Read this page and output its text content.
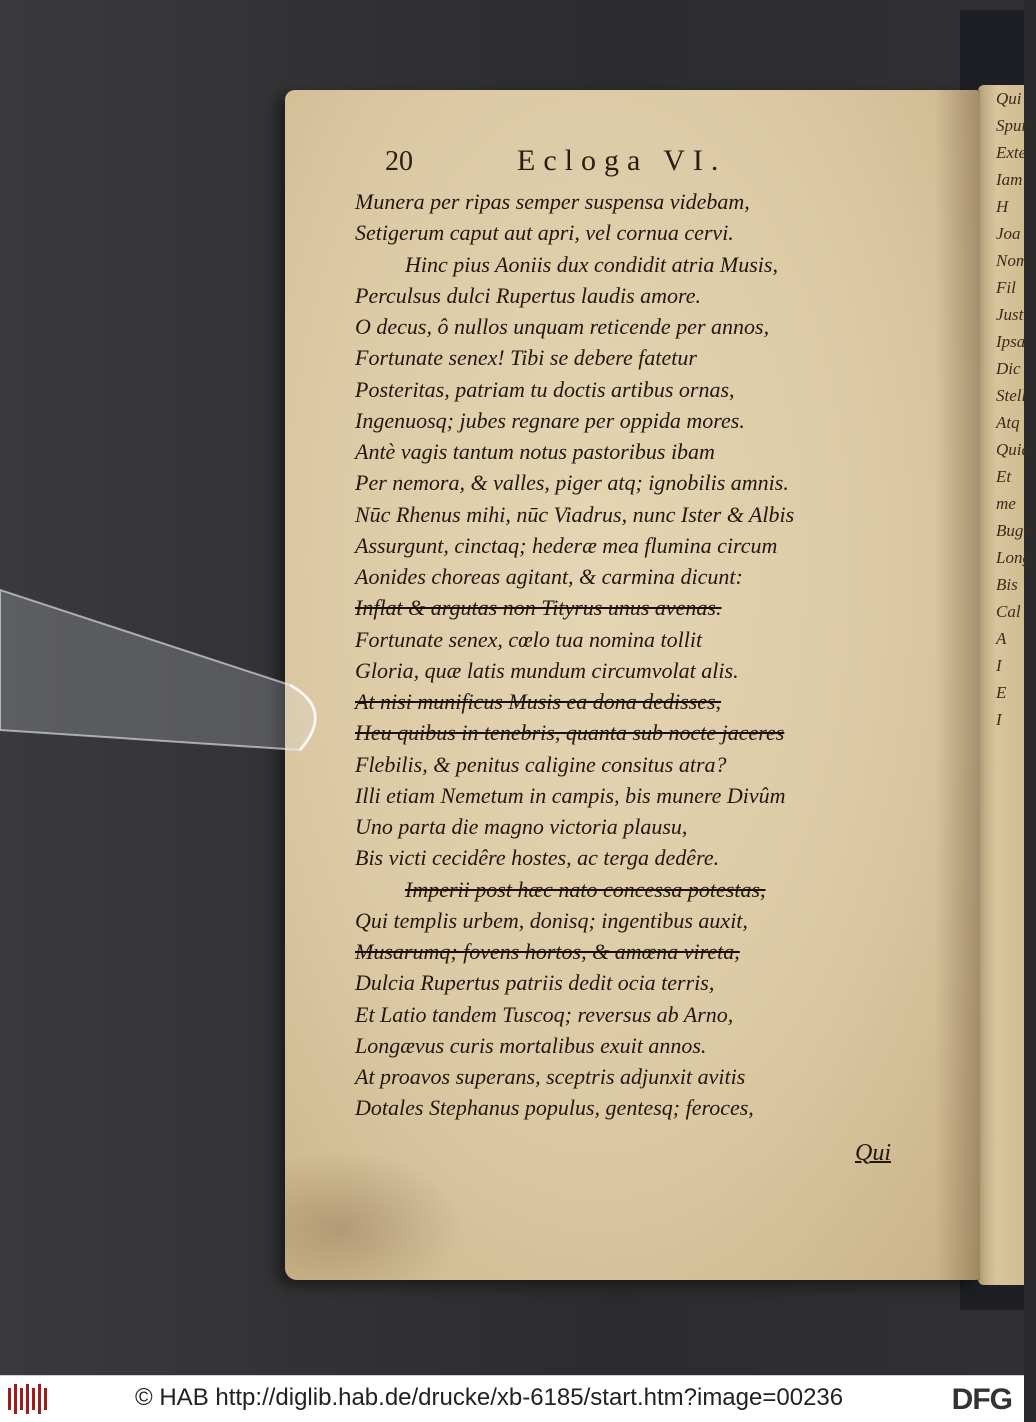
Qui
Spum
Exter
Iam
H
Joa
Nom
Fil
Just
Ipsa
Dic
Stell
Atq
Quid
Et me
Bugle
Long
Bis
Cal
A
I
E
I
20	Ecloga VI.
Munera per ripas semper suspensa videbam,
Setigerum caput aut apri, vel cornua cervi.
Hinc pius Aoniis dux condidit atria Musis,
Perculsus dulci Rupertus laudis amore.
O decus, ô nullos unquam reticende per annos,
Fortunate senex! Tibi se debere fatetur
Posteritas, patriam tu doctis artibus ornas,
Ingenuosq; jubes regnare per oppida mores.
Antè vagis tantum notus pastoribus ibam
Per nemora, & valles, piger atq; ignobilis amnis.
Nūc Rhenus mihi, nūc Viadrus, nunc Ister & Albis
Assurgunt, cinctaq; hederæ mea flumina circum
Aonides choreas agitant, & carmina dicunt:
Inflat & argutas non Tityrus unus avenas.
Fortunate senex, cœlo tua nomina tollit
Gloria, quæ latis mundum circumvolat alis.
At nisi munificus Musis ea dona dedisses,
Heu quibus in tenebris, quanta sub nocte jaceres
Flebilis, & penitus caligine consitus atra?
Illi etiam Nemetum in campis, bis munere Divûm
Uno parta die magno victoria plausu,
Bis victi cecidêre hostes, ac terga dedêre.
Imperii post hæc nato concessa potestas,
Qui templis urbem, donisq; ingentibus auxit,
Musarumq; fovens hortos, & amœna vireta,
Dulcia Rupertus patriis dedit ocia terris,
Et Latio tandem Tuscoq; reversus ab Arno,
Longævus curis mortalibus exuit annos.
At proavos superans, sceptris adjunxit avitis
Dotales Stephanus populus, gentesq; feroces,
Qui
© HAB http://diglib.hab.de/drucke/xb-6185/start.htm?image=00236	DFG
